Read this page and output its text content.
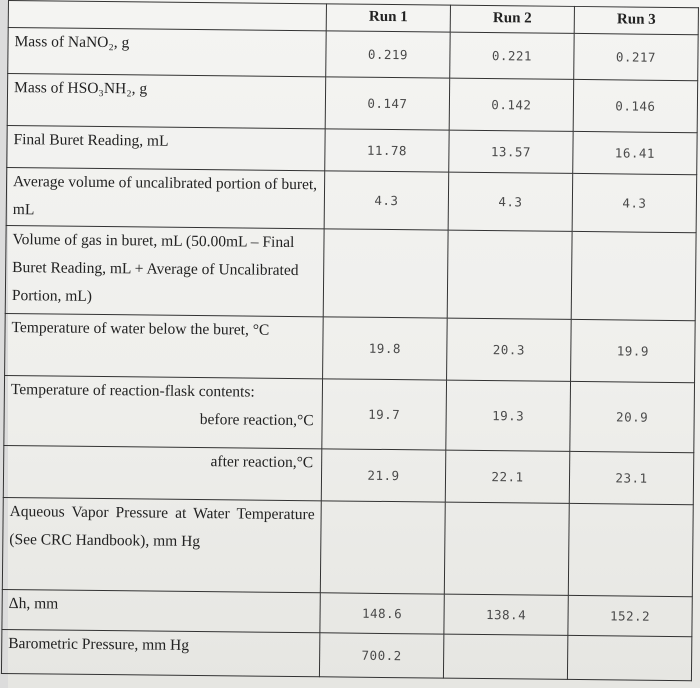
	Run 1	Run 2	Run 3
Mass of NaNO₂, g	0.219	0.221	0.217
Mass of HSO₃NH₂, g	0.147	0.142	0.146
Final Buret Reading, mL	11.78	13.57	16.41
Average volume of uncalibrated portion of buret, mL	4.3	4.3	4.3
Volume of gas in buret, mL (50.00mL – Final Buret Reading, mL + Average of Uncalibrated Portion, mL)			
Temperature of water below the buret, °C	19.8	20.3	19.9

Temperature of reaction-flask contents:
before reaction,°C	19.7	19.3	20.9
after reaction,°C	21.9	22.1	23.1
Aqueous Vapor Pressure at Water Temperature (See CRC Handbook), mm Hg			
Δh, mm	148.6	138.4	152.2
Barometric Pressure, mm Hg	700.2		
